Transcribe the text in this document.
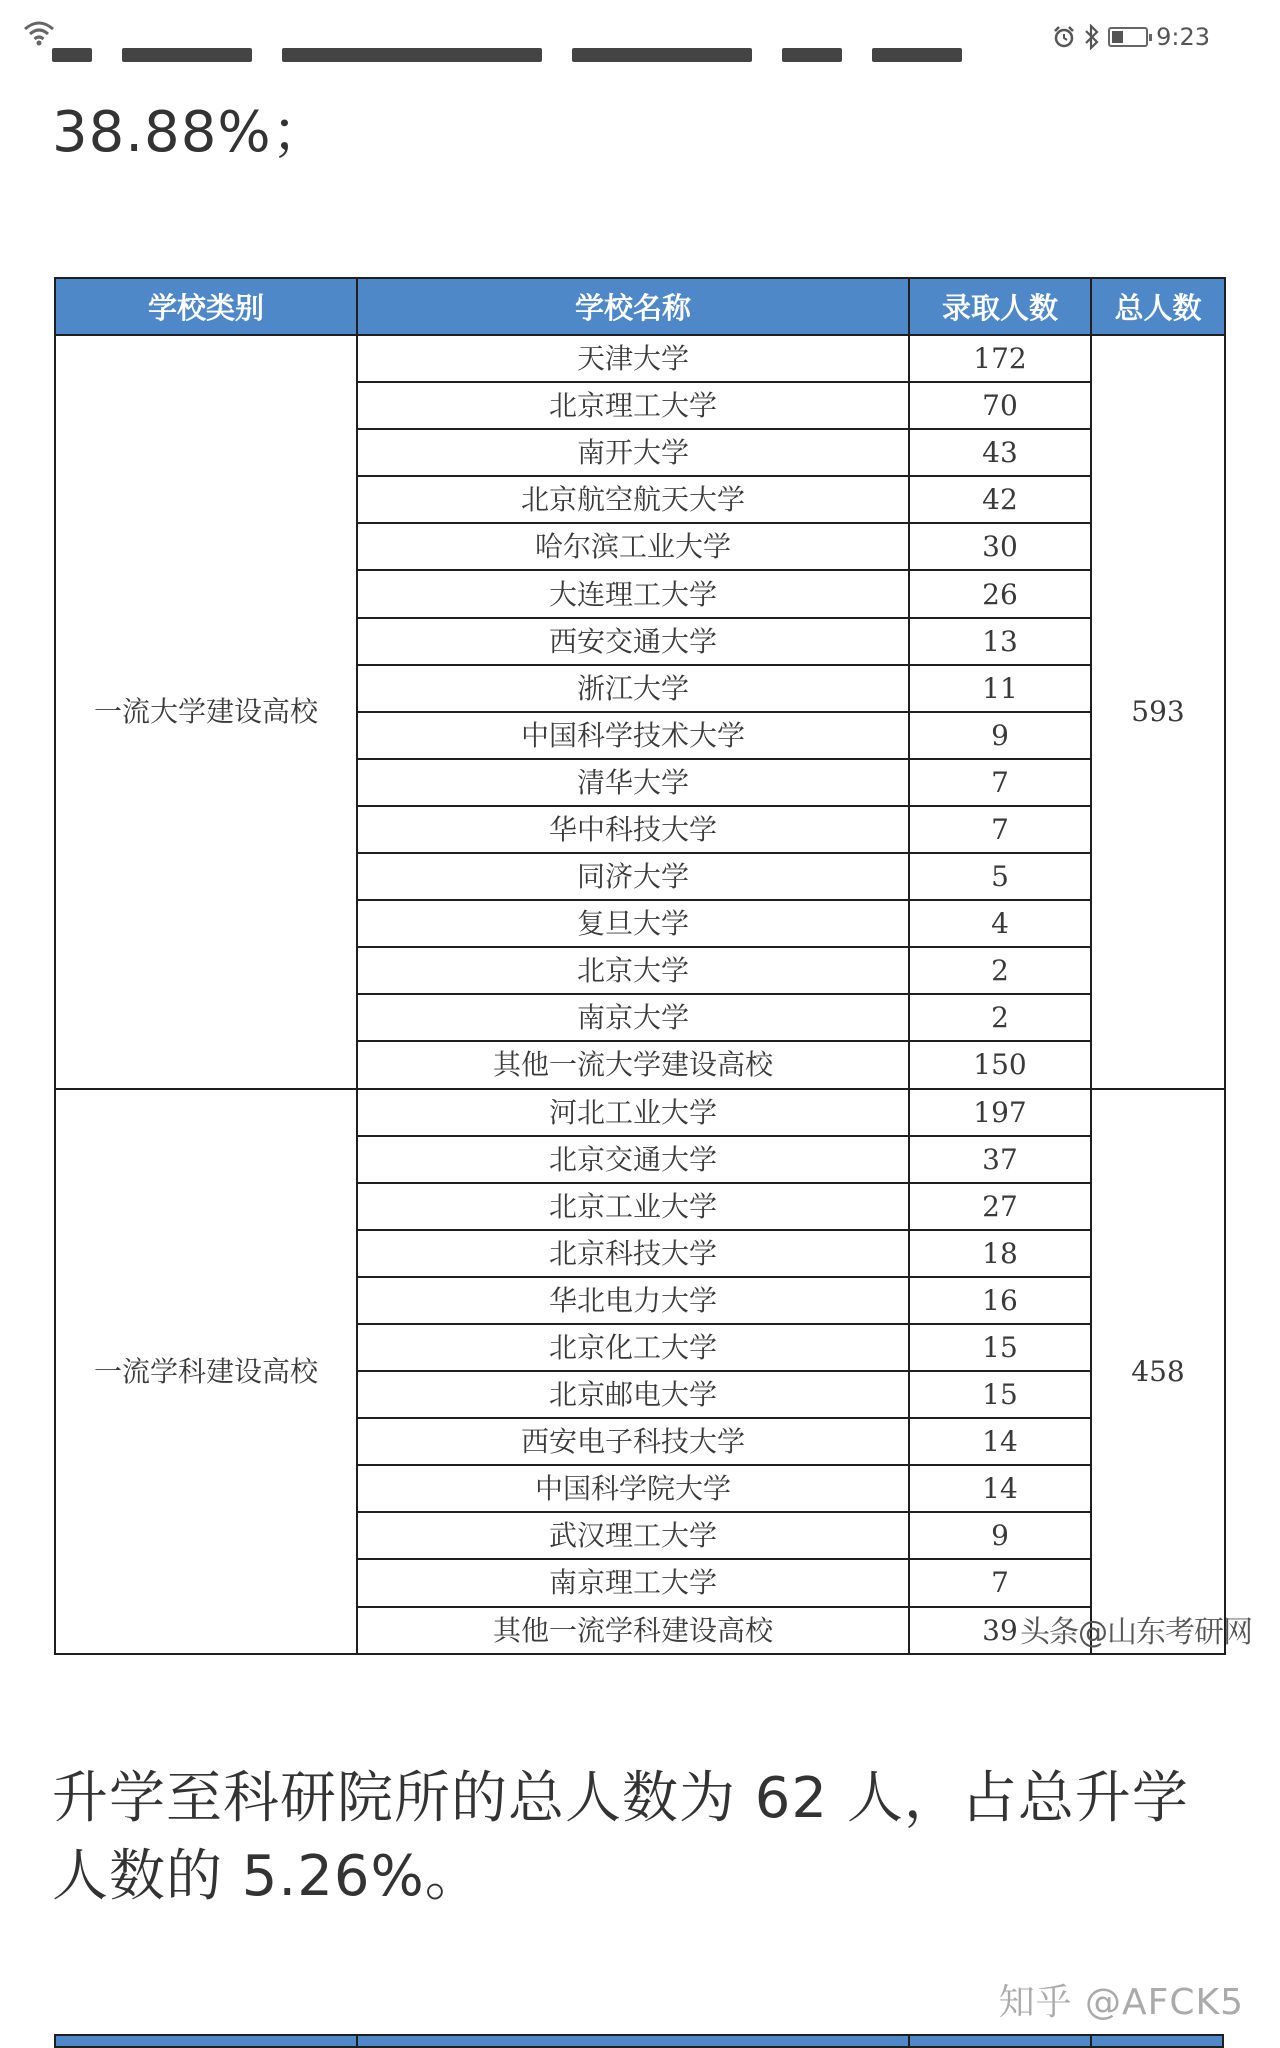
9:23
38.88%；
学校类别	学校名称	录取人数	总人数
一流大学建设高校	天津大学	172	593
	北京理工大学	70	
	南开大学	43	
	北京航空航天大学	42	
	哈尔滨工业大学	30	
	大连理工大学	26	
	西安交通大学	13	
	浙江大学	11	
	中国科学技术大学	9	
	清华大学	7	
	华中科技大学	7	
	同济大学	5	
	复旦大学	4	
	北京大学	2	
	南京大学	2	
	其他一流大学建设高校	150	
一流学科建设高校	河北工业大学	197	458
	北京交通大学	37	
	北京工业大学	27	
	北京科技大学	18	
	华北电力大学	16	
	北京化工大学	15	
	北京邮电大学	15	
	西安电子科技大学	14	
	中国科学院大学	14	
	武汉理工大学	9	
	南京理工大学	7	
	其他一流学科建设高校	39 头条@山东考研网	
升学至科研院所的总人数为 62 人，占总升学人数的 5.26%。
知乎 @AFCK5
